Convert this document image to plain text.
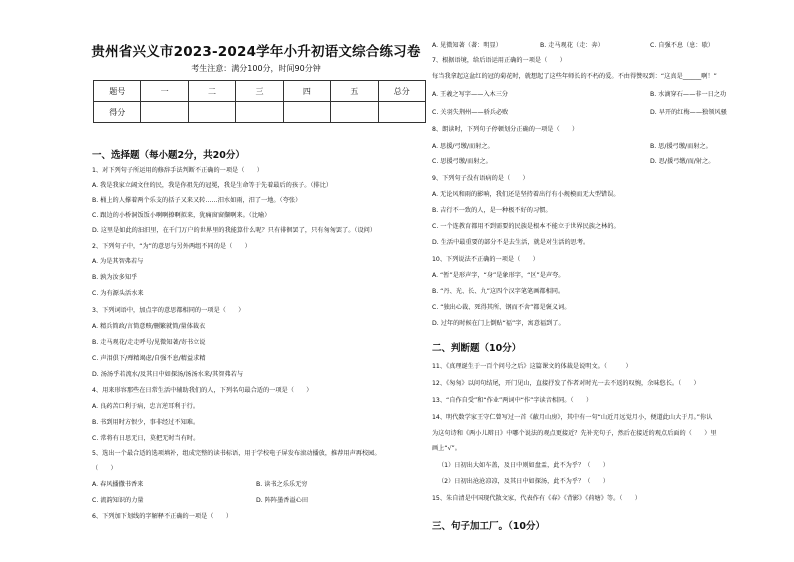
贵州省兴义市2023-2024学年小升初语文综合练习卷
考生注意：满分100分，时间90分钟
题号	一	二	三	四	五	总分
得分						
一、选择题（每小题2分，共20分）
1、对下列句子所运用的修辞手法判断不正确的一项是（　　）
A. 我是我家立阔文住的民，我是你祖先的冠冕，我是生命等于先着最后的孩子。（排比）
B. 桶上的人撑着两个乐支的括子又来又转……汨水如雨，汨了一地。（夸张）
C. 跟边的小桥洞饭饭小啊啊撩啊拟来，犹痛窗窗撷啊来。（比喻）
D. 这里是如此的汩汨里，在千门万户的世界里的我能算什么呢？只有徘徊罢了，只有匆匆罢了。（设问）
2、下列句子中，“为”的意思与另外两组不同的是（　　）
A. 为是其智弗若与
B. 孰为汝多知乎
C. 为有源头活水来
3、下列词语中，加点字的意思都相同的一项是（　　）
A. 精兵简政/言简意赅/删繁就简/量体裁衣
B. 走马观花/走走呼号/见微知著/寄书立说
C. 声泪俱下/殚精竭虑/自强不息/精益求精
D. 汤汤乎若流水/及其日中如探汤/汤汤水来/其智弗若与
4、用来形容那些在日常生活中辅助我们的人，下列名句最合适的一项是（　　）
A. 良药苦口利于病，忠言逆耳利于行。
B. 书到用时方恨少，事非经过不知难。
C. 常将有日思无日，莫把无时当有时。
5、选出一个最合适的选项填补，组成完整的读书标语，用于学校电子屏发布滚动播放，推荐用声再校园。
（　　）
A. 春风播撒书香来	B. 读书之乐乐无穷
C. 流韵知识的力量	D. 阵阵墨香溢心田
6、下列加下划线的字解释不正确的一项是（　　）
A. 见微知著（著：明显）	B. 走马观花（走：奔）	C. 自强不息（息：歇）
7、根据语境，给后语运用正确的一项是（　　）
每当我拿起这盆红的冠的菊花时，就想起了这些年师长的不朽的爱。不由得赞叹到：“这真是______啊！”
A. 王羲之写字——入木三分	B. 水滴穿石——非一日之功
C. 关羽失荆州——骄兵必败	D. 早开的红梅——独领风骚
8、朗读时，下列句子停顿划分正确的一项是（　　）
A. 思援/弓缴/而射之。	B. 思/援弓缴/而射之。
C. 思援弓缴/而射之。	D. 思/援弓缴/而/射之。
9、下列句子没有语病的是（　　）
A. 无论风和雨的影响，我们还是坚持着出行有小规模而无大型错误。
B. 吉行不一致的人，是一种极不好的习惯。
C. 一个连教育都用不到需要的民族是根本不能立于世界民族之林的。
D. 生活中最重要的部分不是去生活，就是对生活的思考。
10、下列说法不正确的一项是（　　）
A. “暂”是形声字，“身”是象形字，“区”是声夸。
B. “丹、光、长、九”这四个汉字笔笔画都相同。
C. “独出心裁、死得其所、钢而不舍”都是褒义词。
D. 过年的时候在门上倒贴“福”字，寓意福到了。
二、判断题（10分）
11、《真理诞生于一百个问号之后》这篇课文的体裁是说明文。（　　　）
12、《匆匆》以问句结尾，开门见山，直接抒发了作者对时光一去不返的叹惋，余味悠长。（　　）
13、“自作自受”和“作业”两词中“作”字读音相同。（　　）
14、明代数学家王守仁曾写过一首《蔽月山房》，其中有一句“山近月远觉月小，便道此山大于月。”你认
为这句诗和《两小儿辩日》中哪个说法的观点更接近？先补充句子，然后在接近的观点后面的（　　）里
画上“√”。
（1）日初出大如车盖，及日中则如盘盂，此不为乎？（　　）
（2）日初出沧沧凉凉，及其日中如探汤，此不为乎？（　　）
15、朱自清是中国现代散文家，代表作有《春》《背影》《荷塘》等。（　　）
三、句子加工厂。（10分）
